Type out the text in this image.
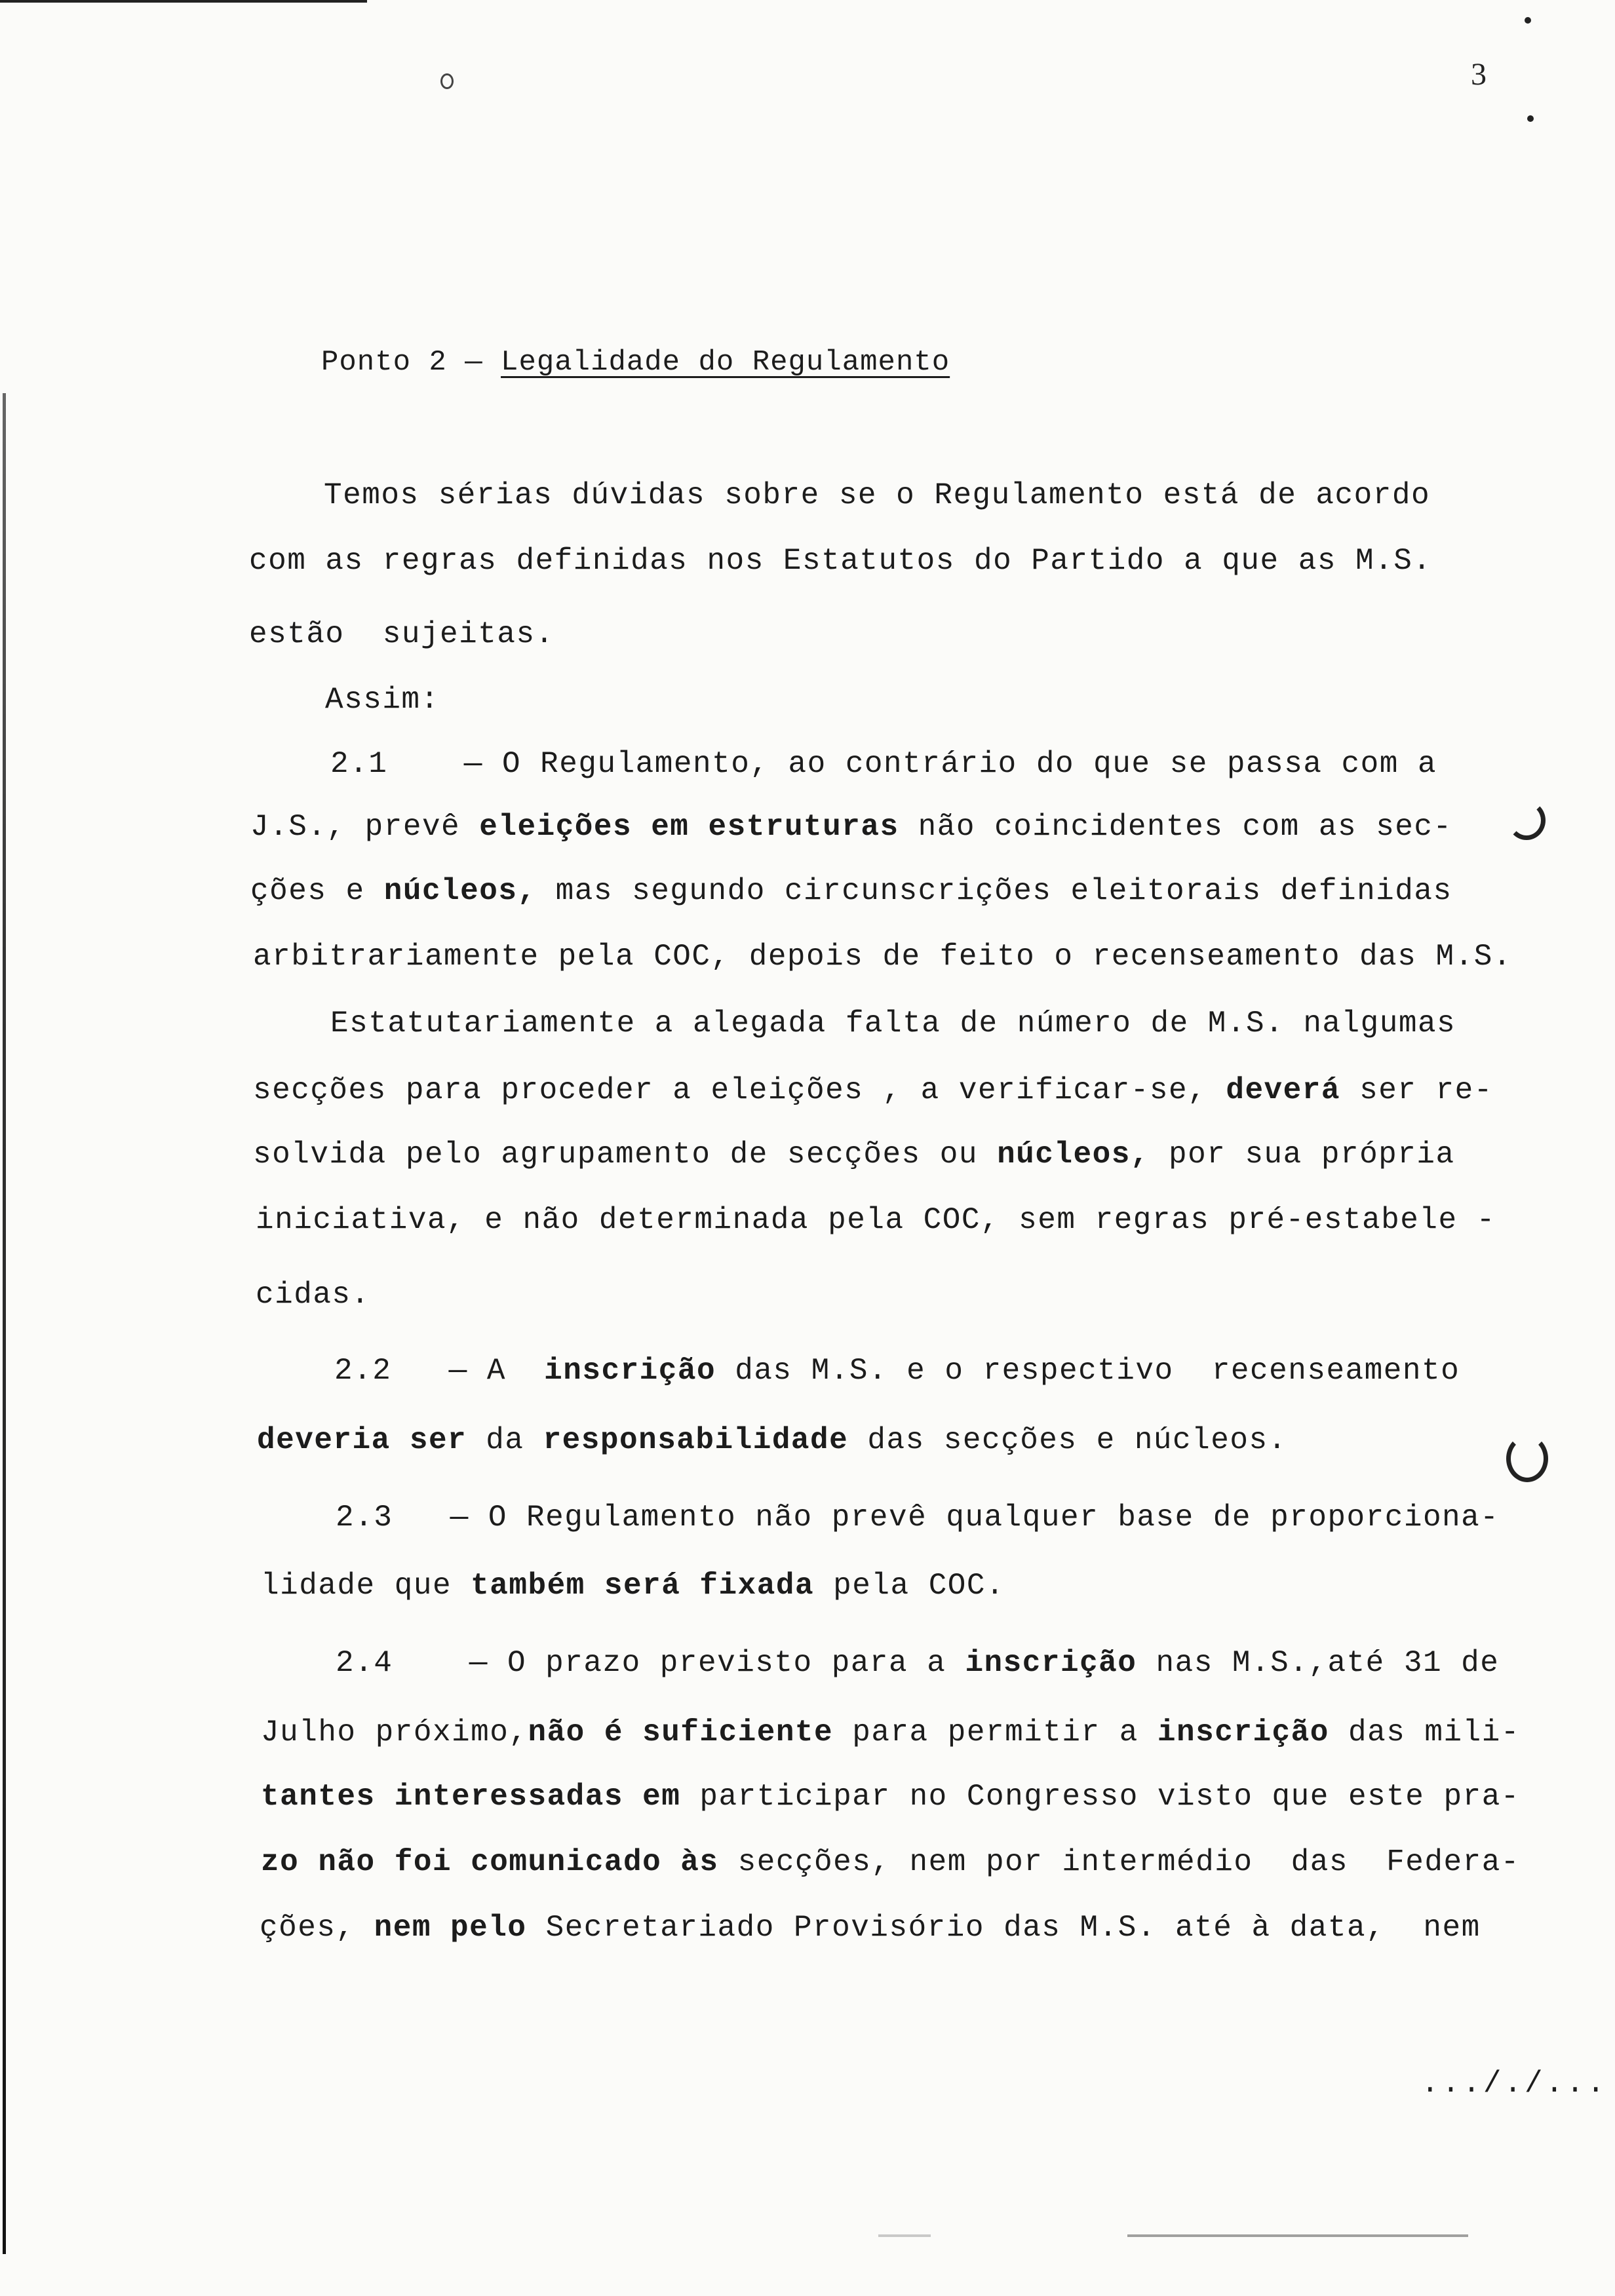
3
Ponto 2 — Legalidade do Regulamento
Temos sérias dúvidas sobre se o Regulamento está de acordo
com as regras definidas nos Estatutos do Partido a que as M.S.
estão  sujeitas.
Assim:
2.1    — O Regulamento, ao contrário do que se passa com a
J.S., prevê eleições em estruturas não coincidentes com as sec-
ções e núcleos, mas segundo circunscrições eleitorais definidas
arbitrariamente pela COC, depois de feito o recenseamento das M.S.
Estatutariamente a alegada falta de número de M.S. nalgumas
secções para proceder a eleições , a verificar-se, deverá ser re-
solvida pelo agrupamento de secções ou núcleos, por sua própria
iniciativa, e não determinada pela COC, sem regras pré-estabele -
cidas.
2.2   — A  inscrição das M.S. e o respectivo  recenseamento
deveria ser da responsabilidade das secções e núcleos.
2.3   — O Regulamento não prevê qualquer base de proporciona-
lidade que também será fixada pela COC.
2.4    — O prazo previsto para a inscrição nas M.S.,até 31 de
Julho próximo,não é suficiente para permitir a inscrição das mili-
tantes interessadas em participar no Congresso visto que este pra-
zo não foi comunicado às secções, nem por intermédio  das  Federa-
ções, nem pelo Secretariado Provisório das M.S. até à data,  nem
..././...
